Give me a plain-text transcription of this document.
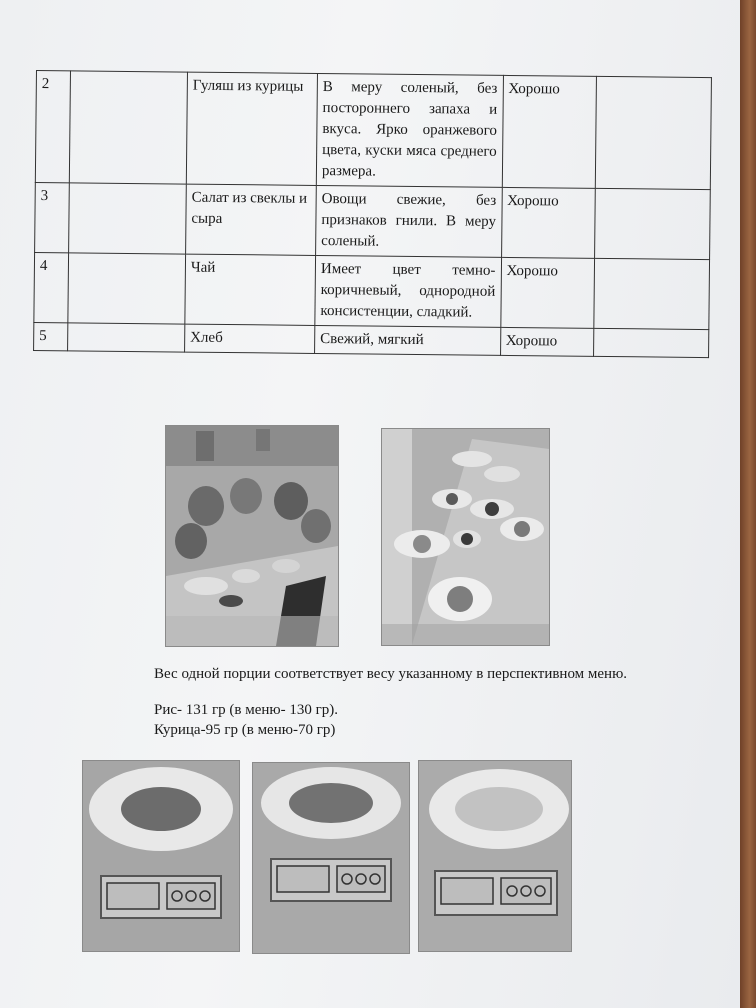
2		Гуляш из курицы	В меру соленый, без постороннего запаха и вкуса. Ярко оранжевого цвета, куски мяса среднего размера.	Хорошо	
3		Салат из свеклы и сыра	Овощи свежие, без признаков гнили. В меру соленый.	Хорошо	
4		Чай	Имеет цвет темно-коричневый, однородной консистенции, сладкий.	Хорошо	
5		Хлеб	Свежий, мягкий	Хорошо	
Вес одной порции соответствует весу указанному в перспективном меню.
Рис- 131 гр (в меню- 130 гр).
Курица-95 гр (в меню-70 гр)
